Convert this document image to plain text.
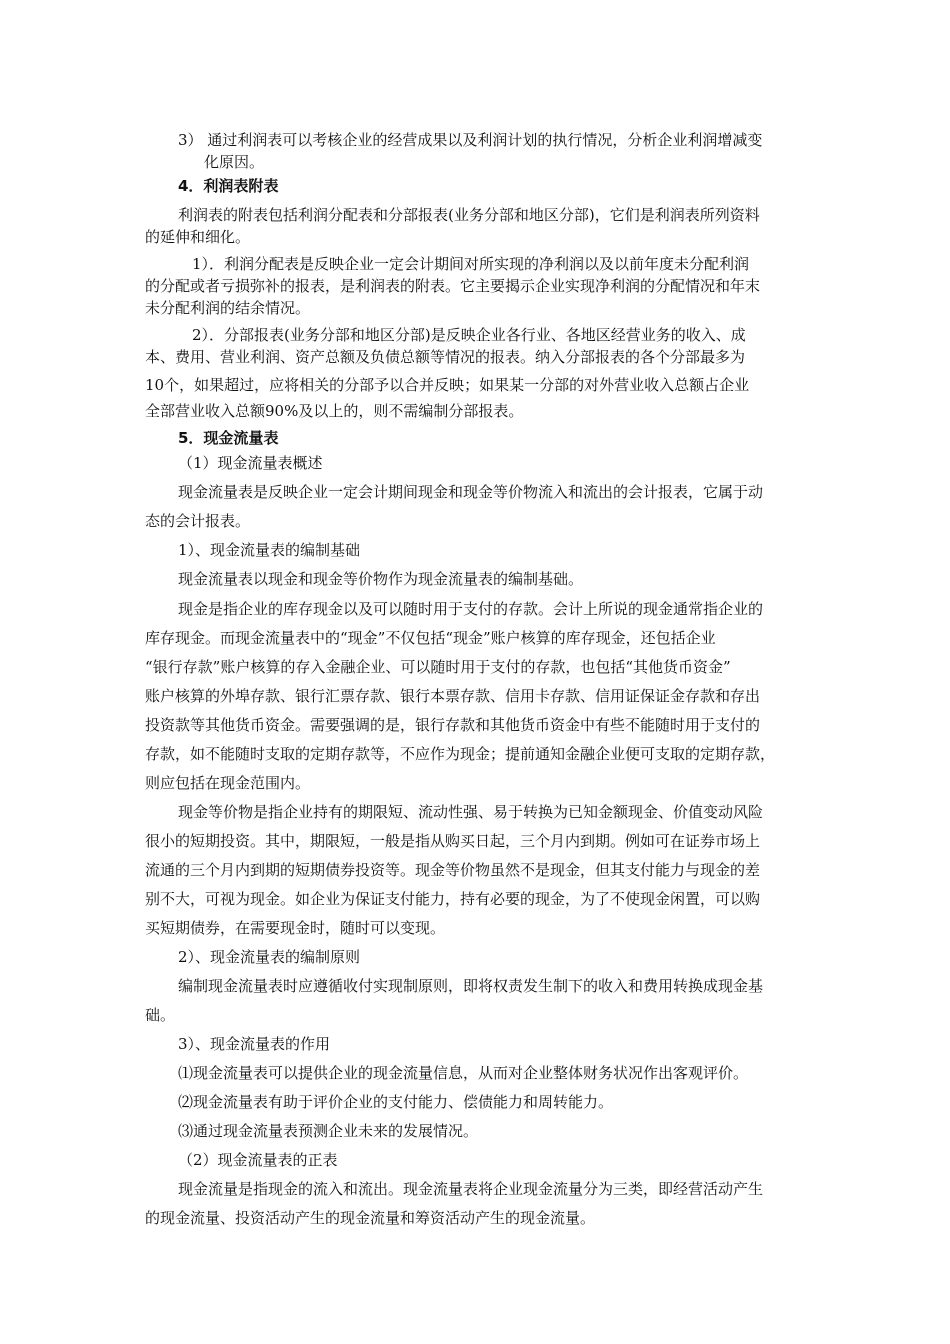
3） 通过利润表可以考核企业的经营成果以及利润计划的执行情况，分析企业利润增减变
化原因。
4．利润表附表
利润表的附表包括利润分配表和分部报表(业务分部和地区分部)，它们是利润表所列资料
的延伸和细化。
1）．利润分配表是反映企业一定会计期间对所实现的净利润以及以前年度未分配利润
的分配或者亏损弥补的报表，是利润表的附表。它主要揭示企业实现净利润的分配情况和年末
未分配利润的结余情况。
2）．分部报表(业务分部和地区分部)是反映企业各行业、各地区经营业务的收入、成
本、费用、营业利润、资产总额及负债总额等情况的报表。纳入分部报表的各个分部最多为
10个，如果超过，应将相关的分部予以合并反映；如果某一分部的对外营业收入总额占企业
全部营业收入总额90%及以上的，则不需编制分部报表。
5．现金流量表
（1）现金流量表概述
现金流量表是反映企业一定会计期间现金和现金等价物流入和流出的会计报表，它属于动
态的会计报表。
1）、现金流量表的编制基础
现金流量表以现金和现金等价物作为现金流量表的编制基础。
现金是指企业的库存现金以及可以随时用于支付的存款。会计上所说的现金通常指企业的
库存现金。而现金流量表中的“现金”不仅包括“现金”账户核算的库存现金，还包括企业
“银行存款”账户核算的存入金融企业、可以随时用于支付的存款，也包括“其他货币资金”
账户核算的外埠存款、银行汇票存款、银行本票存款、信用卡存款、信用证保证金存款和存出
投资款等其他货币资金。需要强调的是，银行存款和其他货币资金中有些不能随时用于支付的
存款，如不能随时支取的定期存款等，不应作为现金；提前通知金融企业便可支取的定期存款，
则应包括在现金范围内。
现金等价物是指企业持有的期限短、流动性强、易于转换为已知金额现金、价值变动风险
很小的短期投资。其中，期限短，一般是指从购买日起，三个月内到期。例如可在证券市场上
流通的三个月内到期的短期债券投资等。现金等价物虽然不是现金，但其支付能力与现金的差
别不大，可视为现金。如企业为保证支付能力，持有必要的现金，为了不使现金闲置，可以购
买短期债券，在需要现金时，随时可以变现。
2）、现金流量表的编制原则
编制现金流量表时应遵循收付实现制原则，即将权责发生制下的收入和费用转换成现金基
础。
3）、现金流量表的作用
⑴现金流量表可以提供企业的现金流量信息，从而对企业整体财务状况作出客观评价。
⑵现金流量表有助于评价企业的支付能力、偿债能力和周转能力。
⑶通过现金流量表预测企业未来的发展情况。
（2）现金流量表的正表
现金流量是指现金的流入和流出。现金流量表将企业现金流量分为三类，即经营活动产生
的现金流量、投资活动产生的现金流量和筹资活动产生的现金流量。
